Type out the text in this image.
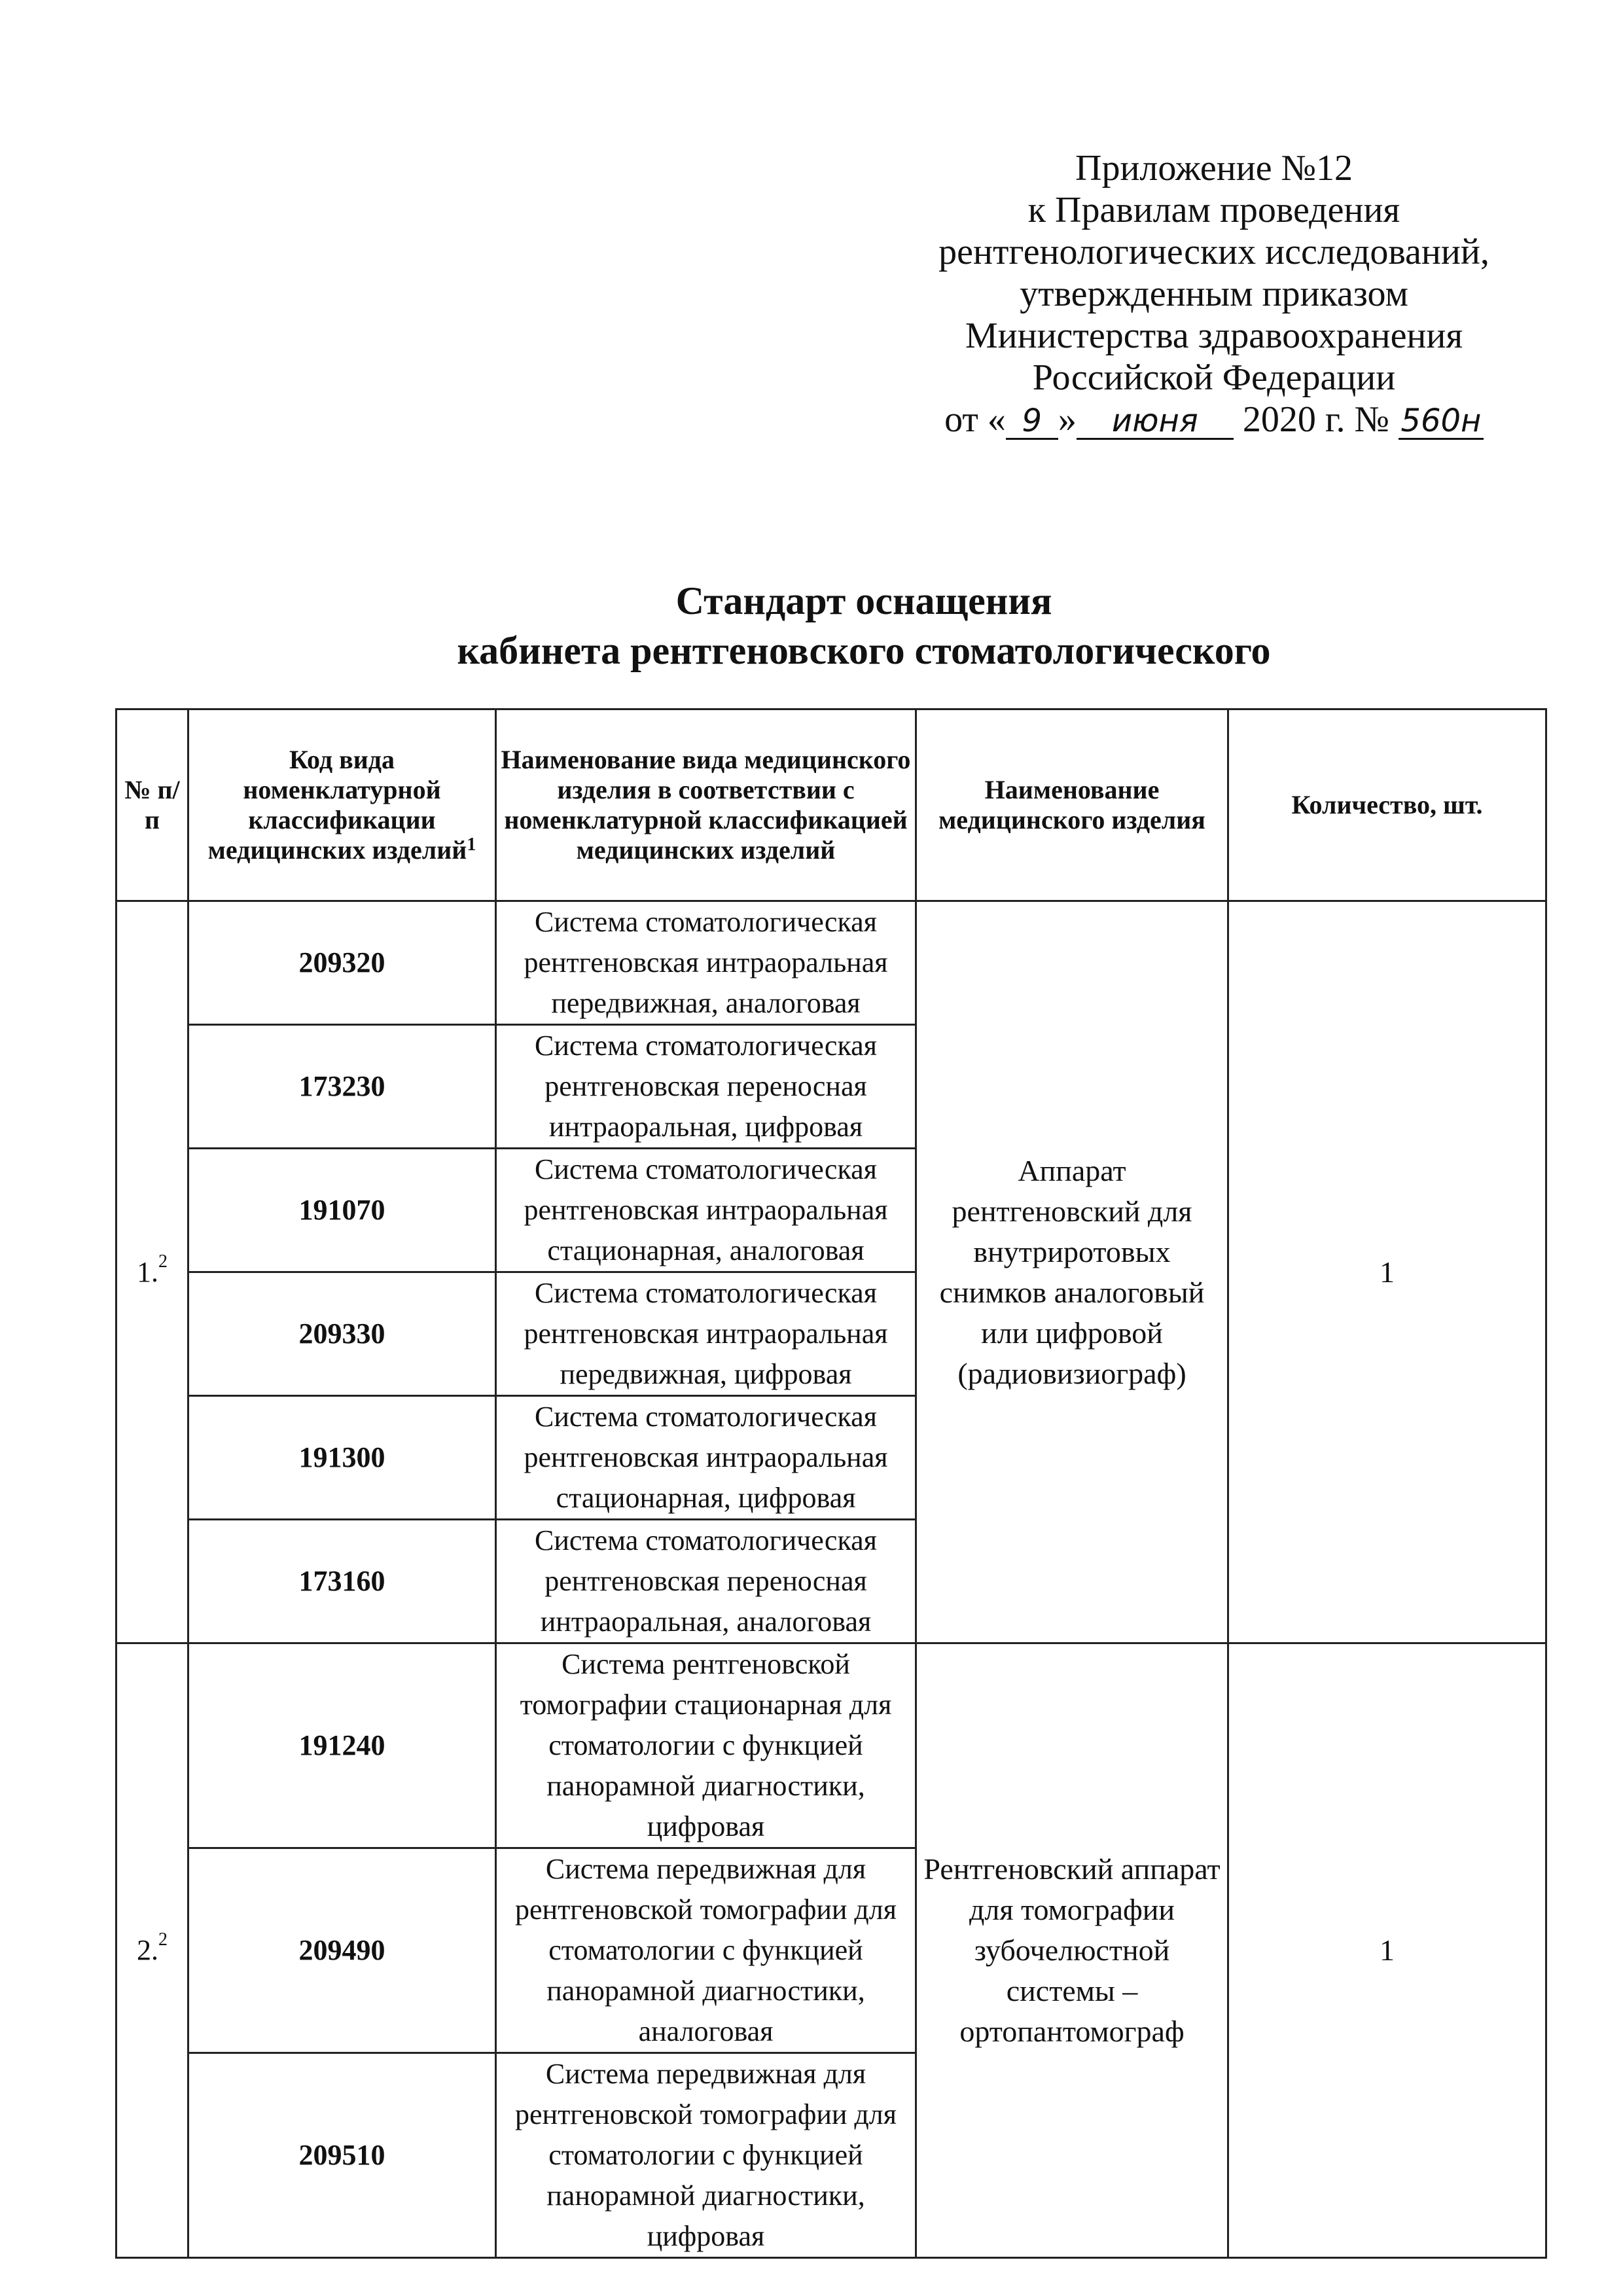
Приложение №12
к Правилам проведения
рентгенологических исследований,
утвержденным приказом
Министерства здравоохранения
Российской Федерации
от « 9 » июня 2020 г. № 560н
Стандарт оснащения
кабинета рентгеновского стоматологического
№ п/п	Код вида номенклатурной классификации медицинских изделий$^1$	Наименование вида медицинского изделия в соответствии с номенклатурной классификацией медицинских изделий	Наименование медицинского изделия	Количество, шт.
1.$^2$	209320	Система стоматологическая рентгеновская интраоральная передвижная, аналоговая	Аппарат рентгеновский для внутриротовых снимков аналоговый или цифровой (радиовизиограф)	1
	173230	Система стоматологическая рентгеновская переносная интраоральная, цифровая		
	191070	Система стоматологическая рентгеновская интраоральная стационарная, аналоговая		
	209330	Система стоматологическая рентгеновская интраоральная передвижная, цифровая		
	191300	Система стоматологическая рентгеновская интраоральная стационарная, цифровая		
	173160	Система стоматологическая рентгеновская переносная интраоральная, аналоговая		
2.$^2$	191240	Система рентгеновской томографии стационарная для стоматологии с функцией панорамной диагностики, цифровая	Рентгеновский аппарат для томографии зубочелюстной системы – ортопантомограф	1
	209490	Система передвижная для рентгеновской томографии для стоматологии с функцией панорамной диагностики, аналоговая		
	209510	Система передвижная для рентгеновской томографии для стоматологии с функцией панорамной диагностики, цифровая		
